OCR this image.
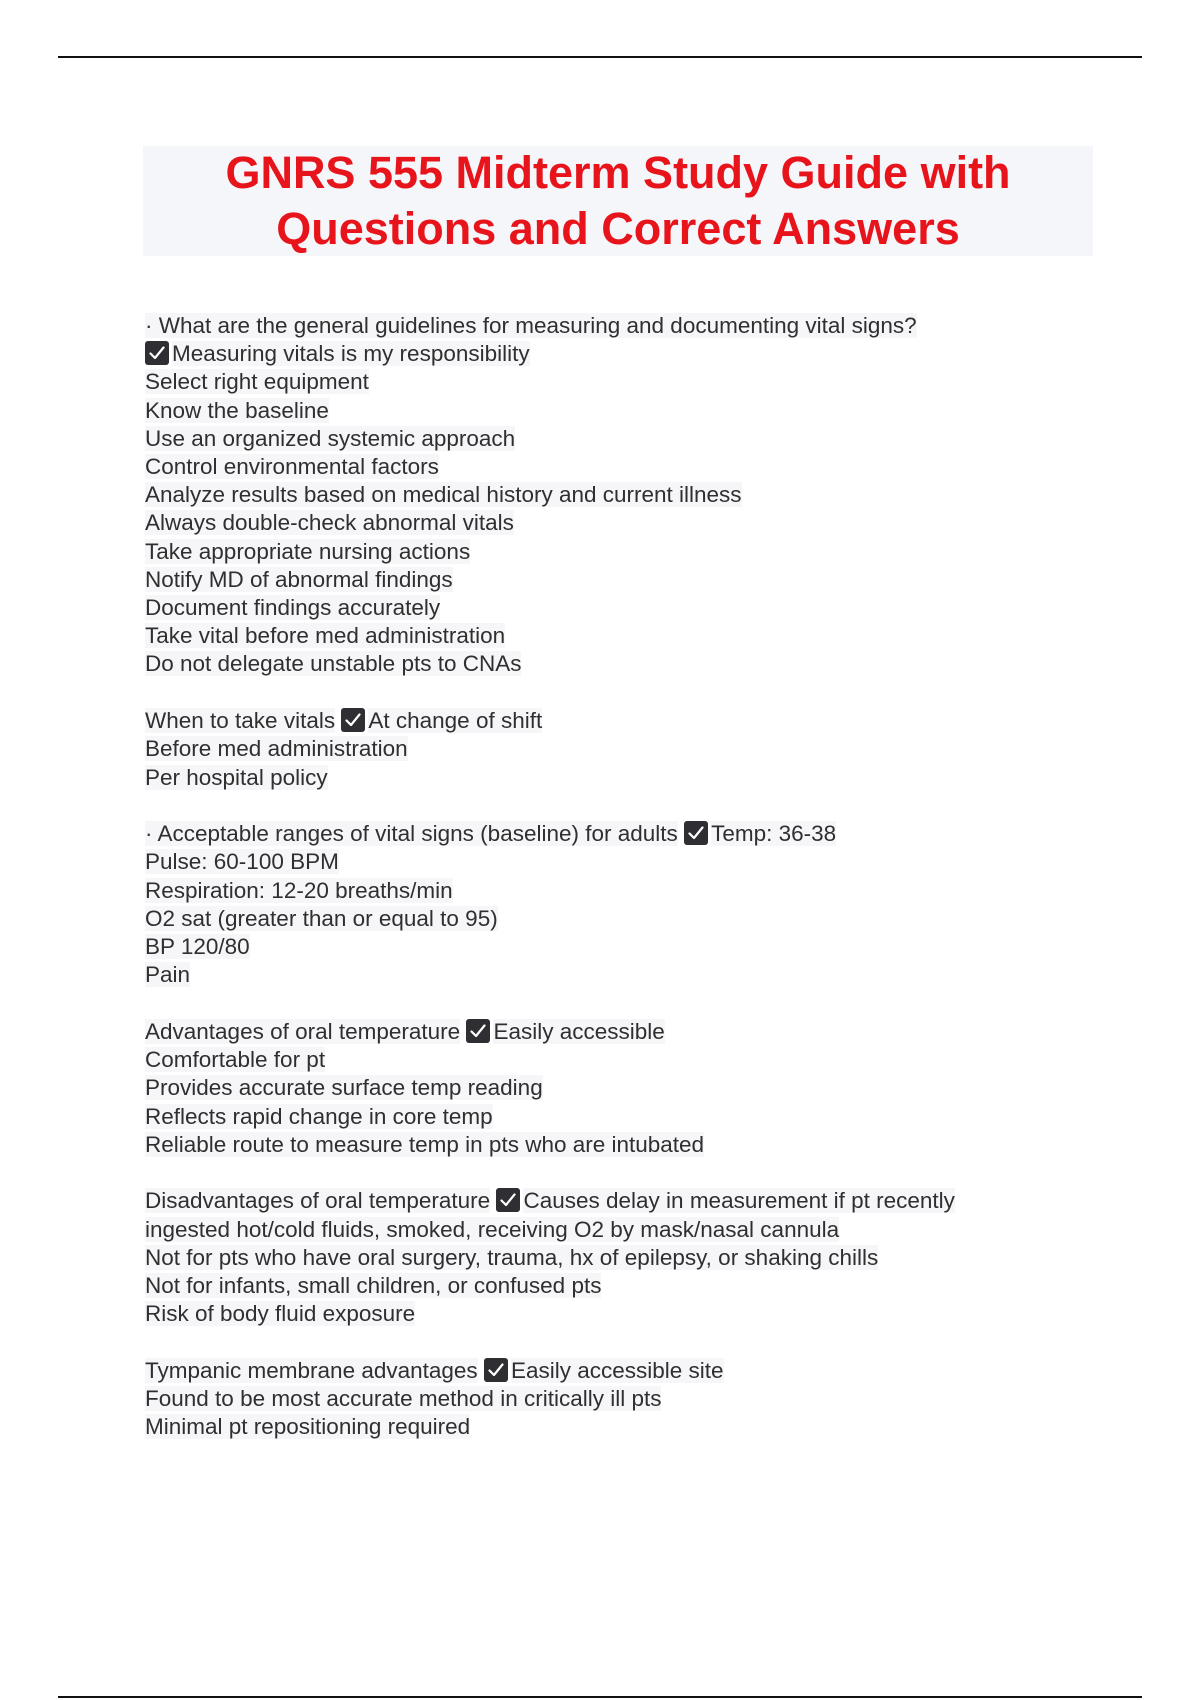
GNRS 555 Midterm Study Guide with
Questions and Correct Answers
· What are the general guidelines for measuring and documenting vital signs?
Measuring vitals is my responsibility
Select right equipment
Know the baseline
Use an organized systemic approach
Control environmental factors
Analyze results based on medical history and current illness
Always double-check abnormal vitals
Take appropriate nursing actions
Notify MD of abnormal findings
Document findings accurately
Take vital before med administration
Do not delegate unstable pts to CNAs
When to take vitals At change of shift
Before med administration
Per hospital policy
· Acceptable ranges of vital signs (baseline) for adults Temp: 36-38
Pulse: 60-100 BPM
Respiration: 12-20 breaths/min
O2 sat (greater than or equal to 95)
BP 120/80
Pain
Advantages of oral temperature Easily accessible
Comfortable for pt
Provides accurate surface temp reading
Reflects rapid change in core temp
Reliable route to measure temp in pts who are intubated
Disadvantages of oral temperature Causes delay in measurement if pt recently
ingested hot/cold fluids, smoked, receiving O2 by mask/nasal cannula
Not for pts who have oral surgery, trauma, hx of epilepsy, or shaking chills
Not for infants, small children, or confused pts
Risk of body fluid exposure
Tympanic membrane advantages Easily accessible site
Found to be most accurate method in critically ill pts
Minimal pt repositioning required
